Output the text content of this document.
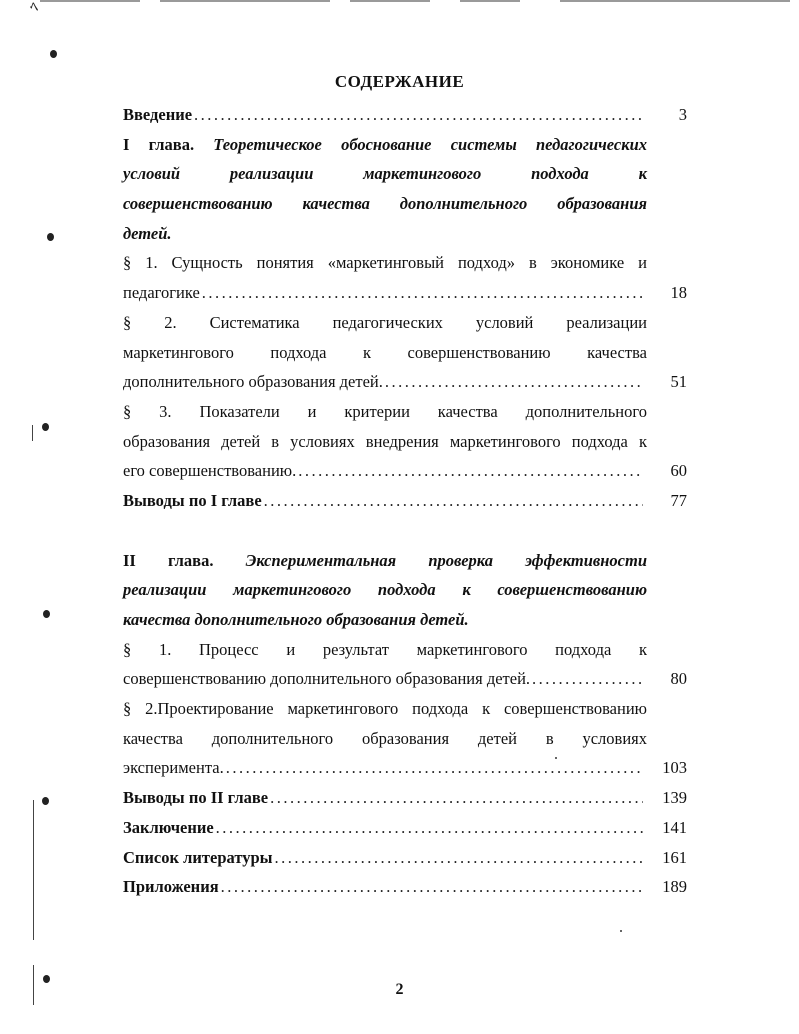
ﾍ
СОДЕРЖАНИЕ
Введение .....	3
I глава. Теоретическое обоснование системы педагогических
условий реализации маркетингового подхода к
совершенствованию качества дополнительного образования
детей.
§ 1. Сущность понятия «маркетинговый подход» в экономике и
педагогике .....	18
§ 2. Систематика педагогических условий реализации
маркетингового подхода к совершенствованию качества
дополнительного образования детей. .....	51
§ 3. Показатели и критерии качества дополнительного
образования детей в условиях внедрения маркетингового подхода к
его совершенствованию. .....	60
Выводы по I главе .....	77
II глава. Экспериментальная проверка эффективности
реализации маркетингового подхода к совершенствованию
качества дополнительного образования детей.
§ 1. Процесс и результат маркетингового подхода к
совершенствованию дополнительного образования детей. .....	80
§ 2.Проектирование маркетингового подхода к совершенствованию
качества дополнительного образования детей в условиях
эксперимента. .....	103
Выводы по II главе .....	139
Заключение .....	141
Список литературы .....	161
Приложения .....	189
2
